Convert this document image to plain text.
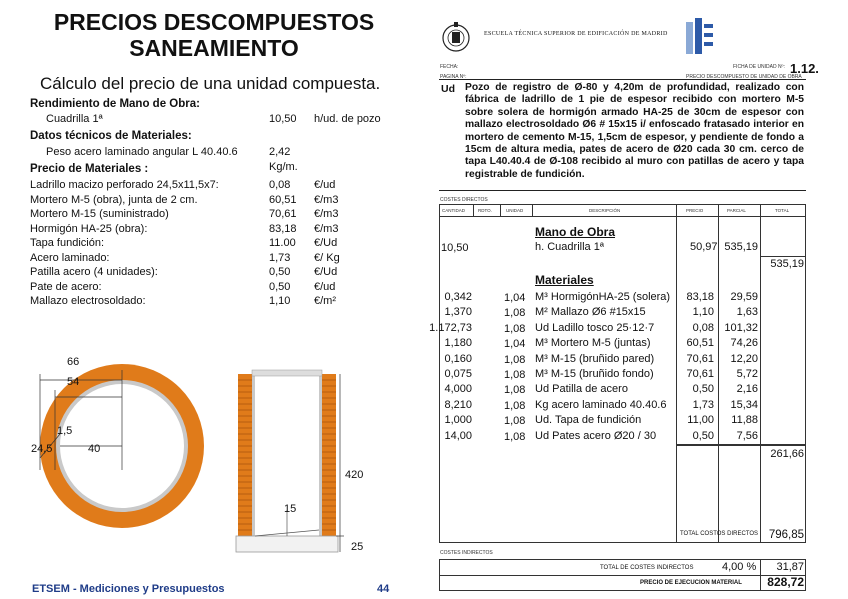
PRECIOS DESCOMPUESTOS
SANEAMIENTO
Cálculo del precio de una unidad compuesta.
Rendimiento de Mano de Obra:
Cuadrilla 1ª	10,50 h/ud. de pozo
Datos técnicos de Materiales:
Peso acero laminado angular L 40.40.6	2,42 Kg/m.
Precio de Materiales :
Ladrillo macizo perforado 24,5x11,5x7:	0,08 €/ud
Mortero M-5 (obra), junta de 2 cm.	60,51 €/m3
Mortero M-15 (suministrado)	70,61 €/m3
Hormigón HA-25 (obra):	83,18 €/m3
Tapa fundición:	11.00 €/Ud
Acero laminado:	1,73 €/ Kg
Patilla acero (4 unidades):	0,50 €/Ud
Pate de acero:	0,50 €/ud
Mallazo electrosoldado:	1,10 €/m²
66
54
1,5
24,5	40
420
15
25
ETSEM - Mediciones y Presupuestos	44
ESCUELA TÉCNICA SUPERIOR DE EDIFICACIÓN DE MADRID
FECHA:	FICHA DE UNIDAD Nº: 1.12.
PAGINA Nº:	PRECIO DESCOMPUESTO DE UNIDAD DE OBRA
Ud Pozo de registro de Ø-80 y 4,20m de profundidad, realizado con fábrica de ladrillo de 1 pie de espesor recibido con mortero M-5 sobre solera de hormigón armado HA-25 de 30cm de espesor con mallazo electrosoldado Ø6 # 15x15 i/ enfoscado fratasado interior en mortero de cemento M-15, 1,5cm de espesor, y pendiente de fondo a 15cm de altura media, pates de acero de Ø20 cada 30 cm. cerco de tapa L40.40.4 de Ø-108 recibido al muro con patillas de acero y tapa registrable de fundición.
COSTES DIRECTOS
CANTIDAD	RDTO.	UNIDAD	DESCRIPCIÓN	PRECIO	PARCIAL	TOTAL
Mano de Obra
10,50	h. Cuadrilla 1ª	50,97 535,19
535,19
Materiales
0,342	1,04 M³ HormigónHA-25 (solera)	83,18	29,59
1,370	1,08 M² Mallazo Ø6 #15x15	1,10	1,63
1.172,73	1,08 Ud Ladillo tosco 25·12·7	0,08 101,32
1,180	1,04 M³ Mortero M-5 (juntas)	60,51	74,26
0,160	1,08 M³ M-15 (bruñido pared)	70,61	12,20
0,075	1,08 M³ M-15 (bruñido fondo)	70,61	5,72
4,000	1,08 Ud Patilla de acero	0,50	2,16
8,210	1,08 Kg acero laminado 40.40.6	1,73	15,34
1,000	1,08 Ud. Tapa de fundición	11,00	11,88
14,00	1,08 Ud Pates acero Ø20 / 30	0,50	7,56
261,66
TOTAL COSTOS DIRECTOS 796,85
COSTES INDIRECTOS
TOTAL DE COSTES INDIRECTOS	4,00 %	31,87
PRECIO DE EJECUCION MATERIAL	828,72
